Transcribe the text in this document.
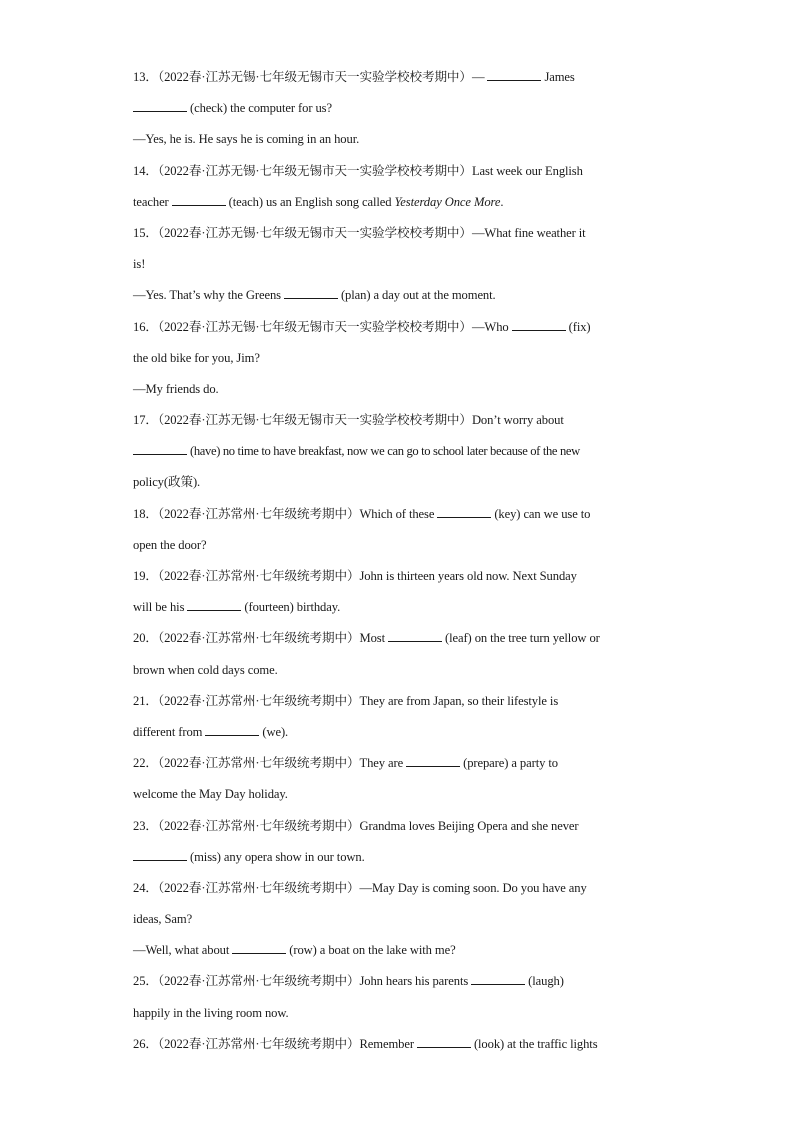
13．（2022春·江苏无锡·七年级无锡市天一实验学校校考期中）—	James
(check) the computer for us?
—Yes, he is. He says he is coming in an hour.
14．（2022春·江苏无锡·七年级无锡市天一实验学校校考期中）Last week our English
teacher	(teach) us an English song called Yesterday Once More.
15．（2022春·江苏无锡·七年级无锡市天一实验学校校考期中）—What fine weather it
is!
—Yes. That’s why the Greens	(plan) a day out at the moment.
16．（2022春·江苏无锡·七年级无锡市天一实验学校校考期中）—Who	(fix)
the old bike for you, Jim?
—My friends do.
17．（2022春·江苏无锡·七年级无锡市天一实验学校校考期中）Don’t worry about
(have) no time to have breakfast, now we can go to school later because of the new
policy(政策).
18．（2022春·江苏常州·七年级统考期中）Which of these	(key) can we use to
open the door?
19．（2022春·江苏常州·七年级统考期中）John is thirteen years old now. Next Sunday
will be his	(fourteen) birthday.
20．（2022春·江苏常州·七年级统考期中）Most	(leaf) on the tree turn yellow or
brown when cold days come.
21．（2022春·江苏常州·七年级统考期中）They are from Japan, so their lifestyle is
different from	(we).
22．（2022春·江苏常州·七年级统考期中）They are	(prepare) a party to
welcome the May Day holiday.
23．（2022春·江苏常州·七年级统考期中）Grandma loves Beijing Opera and she never
(miss) any opera show in our town.
24．（2022春·江苏常州·七年级统考期中）—May Day is coming soon. Do you have any
ideas, Sam?
—Well, what about	(row) a boat on the lake with me?
25．（2022春·江苏常州·七年级统考期中）John hears his parents	(laugh)
happily in the living room now.
26．（2022春·江苏常州·七年级统考期中）Remember	(look) at the traffic lights
